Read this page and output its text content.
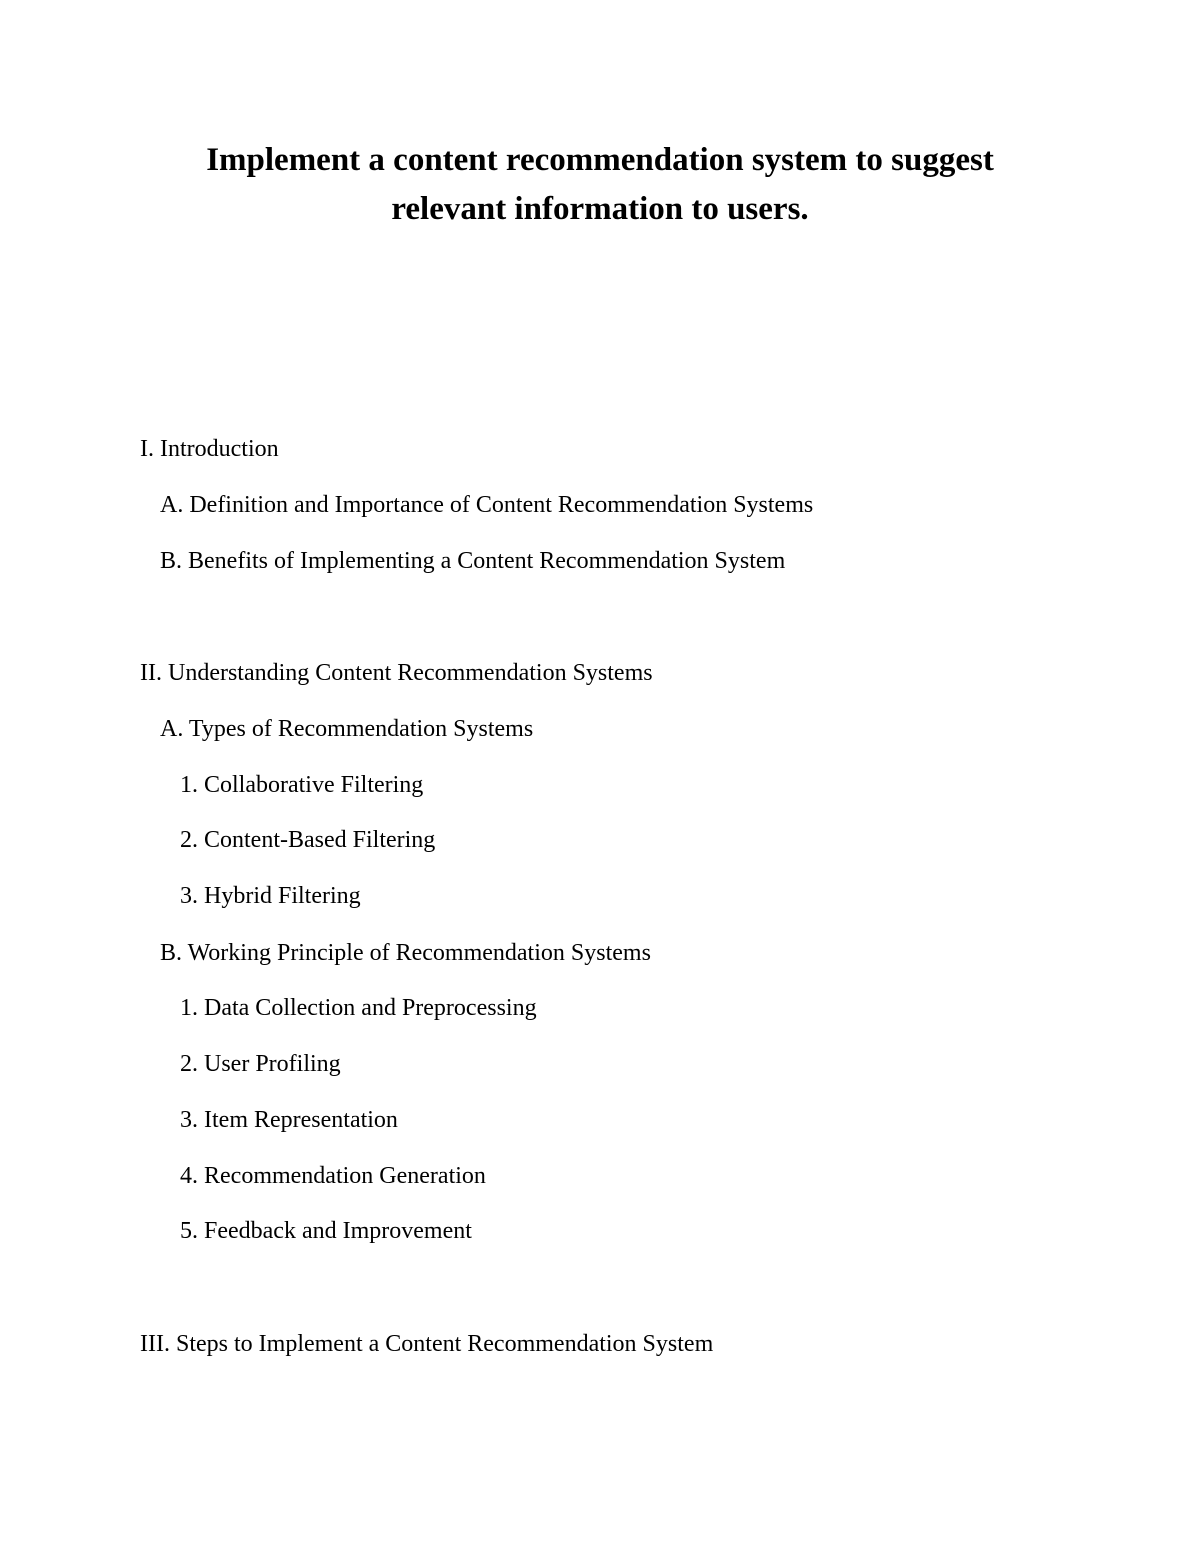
Implement a content recommendation system to suggest
relevant information to users.

I. Introduction

A. Definition and Importance of Content Recommendation Systems

B. Benefits of Implementing a Content Recommendation System

II. Understanding Content Recommendation Systems

A. Types of Recommendation Systems

1. Collaborative Filtering

2. Content-Based Filtering

3. Hybrid Filtering

B. Working Principle of Recommendation Systems

1. Data Collection and Preprocessing

2. User Profiling

3. Item Representation

4. Recommendation Generation

5. Feedback and Improvement

III. Steps to Implement a Content Recommendation System
